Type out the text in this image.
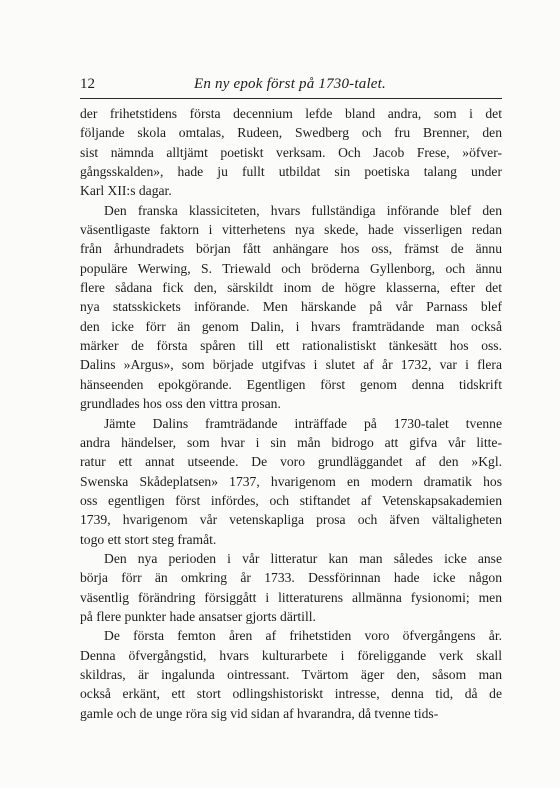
12	En ny epok först på 1730-talet.
der frihetstidens första decennium lefde bland andra, som i det
följande skola omtalas, Rudeen, Swedberg och fru Brenner, den
sist nämnda alltjämt poetiskt verksam. Och Jacob Frese, »öfver-
gångsskalden», hade ju fullt utbildat sin poetiska talang under
Karl XII:s dagar.
Den franska klassiciteten, hvars fullständiga införande blef den
väsentligaste faktorn i vitterhetens nya skede, hade visserligen redan
från århundradets början fått anhängare hos oss, främst de ännu
populäre Werwing, S. Triewald och bröderna Gyllenborg, och ännu
flere sådana fick den, särskildt inom de högre klasserna, efter det
nya statsskickets införande. Men härskande på vår Parnass blef
den icke förr än genom Dalin, i hvars framträdande man också
märker de första spåren till ett rationalistiskt tänkesätt hos oss.
Dalins »Argus», som började utgifvas i slutet af år 1732, var i flera
hänseenden epokgörande. Egentligen först genom denna tidskrift
grundlades hos oss den vittra prosan.
Jämte Dalins framträdande inträffade på 1730-talet tvenne
andra händelser, som hvar i sin mån bidrogo att gifva vår litte-
ratur ett annat utseende. De voro grundläggandet af den »Kgl.
Swenska Skådeplatsen» 1737, hvarigenom en modern dramatik hos
oss egentligen först infördes, och stiftandet af Vetenskapsakademien
1739, hvarigenom vår vetenskapliga prosa och äfven vältaligheten
togo ett stort steg framåt.
Den nya perioden i vår litteratur kan man således icke anse
börja förr än omkring år 1733. Dessförinnan hade icke någon
väsentlig förändring försiggått i litteraturens allmänna fysionomi; men
på flere punkter hade ansatser gjorts därtill.
De första femton åren af frihetstiden voro öfvergångens år.
Denna öfvergångstid, hvars kulturarbete i föreliggande verk skall
skildras, är ingalunda ointressant. Tvärtom äger den, såsom man
också erkänt, ett stort odlingshistoriskt intresse, denna tid, då de
gamle och de unge röra sig vid sidan af hvarandra, då tvenne tids-
